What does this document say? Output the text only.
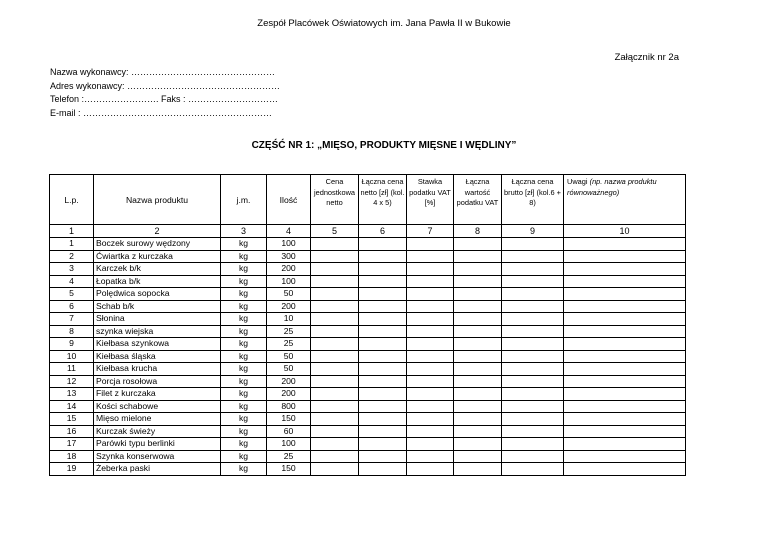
Zespół Placówek Oświatowych im. Jana Pawła II w Bukowie
Załącznik nr 2a
Nazwa wykonawcy: …………………………………………
Adres wykonawcy: ……………………………………………
Telefon :……………………. Faks : …………………………
E-mail : ………………………………………………………
CZĘŚĆ NR 1: „MIĘSO, PRODUKTY MIĘSNE I WĘDLINY”
L.p.	Nazwa produktu	j.m.	Ilość	Cena jednostkowa netto	Łączna cena netto [zł] (kol. 4 x 5)	Stawka podatku VAT [%]	Łączna wartość podatku VAT	Łączna cena brutto [zł] (kol.6 + 8)	Uwagi (np. nazwa produktu równoważnego)
1	2	3	4	5	6	7	8	9	10
1	Boczek surowy wędzony	kg	100						
2	Ćwiartka z kurczaka	kg	300						
3	Karczek b/k	kg	200						
4	Łopatka b/k	kg	100						
5	Polędwica sopocka	kg	50						
6	Schab b/k	kg	200						
7	Słonina	kg	10						
8	szynka wiejska	kg	25						
9	Kiełbasa szynkowa	kg	25						
10	Kiełbasa śląska	kg	50						
11	Kiełbasa krucha	kg	50						
12	Porcja rosołowa	kg	200						
13	Filet z kurczaka	kg	200						
14	Kości schabowe	kg	800						
15	Mięso mielone	kg	150						
16	Kurczak świeży	kg	60						
17	Parówki typu berlinki	kg	100						
18	Szynka konserwowa	kg	25						
19	Żeberka paski	kg	150						
